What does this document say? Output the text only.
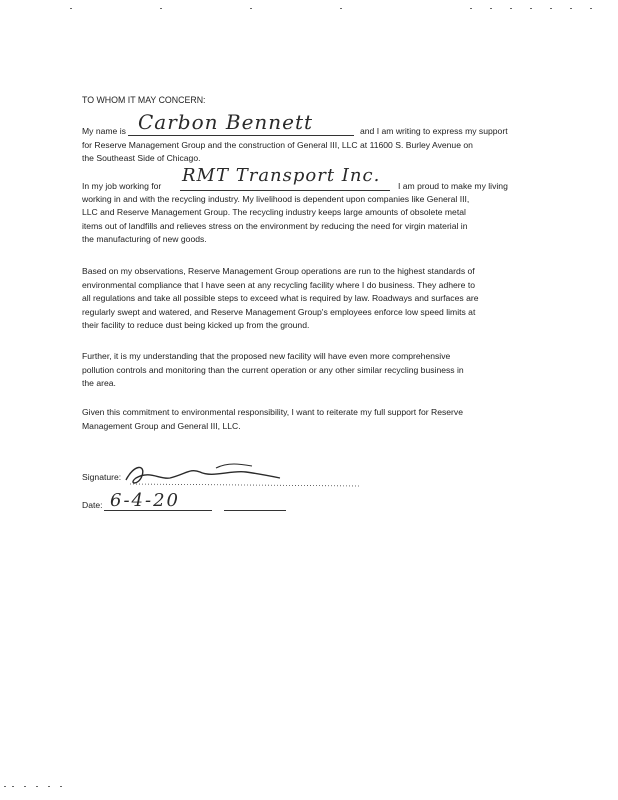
TO WHOM IT MAY CONCERN:
My name is Carbon Bennett	and I am writing to express my support
for Reserve Management Group and the construction of General III, LLC at 11600 S. Burley Avenue on
the Southeast Side of Chicago.
In my job working for RMT Transport Inc. I am proud to make my living
working in and with the recycling industry. My livelihood is dependent upon companies like General III,
LLC and Reserve Management Group. The recycling industry keeps large amounts of obsolete metal
items out of landfills and relieves stress on the environment by reducing the need for virgin material in
the manufacturing of new goods.
Based on my observations, Reserve Management Group operations are run to the highest standards of
environmental compliance that I have seen at any recycling facility where I do business. They adhere to
all regulations and take all possible steps to exceed what is required by law. Roadways and surfaces are
regularly swept and watered, and Reserve Management Group's employees enforce low speed limits at
their facility to reduce dust being kicked up from the ground.
Further, it is my understanding that the proposed new facility will have even more comprehensive
pollution controls and monitoring than the current operation or any other similar recycling business in
the area.
Given this commitment to environmental responsibility, I want to reiterate my full support for Reserve
Management Group and General III, LLC.
Signature:
Date: 6-4-20
